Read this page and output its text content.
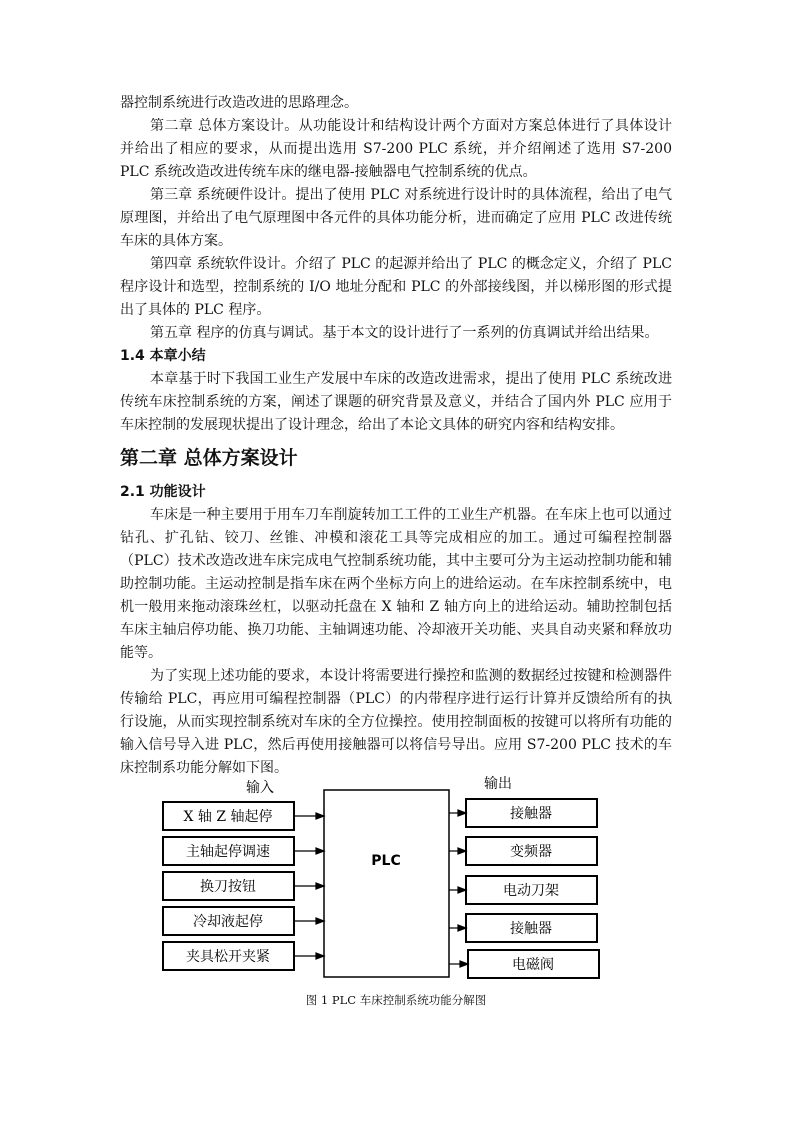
器控制系统进行改造改进的思路理念。

第二章 总体方案设计。从功能设计和结构设计两个方面对方案总体进行了具体设计并给出了相应的要求，从而提出选用 S7-200 PLC 系统，并介绍阐述了选用 S7-200 PLC 系统改造改进传统车床的继电器-接触器电气控制系统的优点。

第三章 系统硬件设计。提出了使用 PLC 对系统进行设计时的具体流程，给出了电气原理图，并给出了电气原理图中各元件的具体功能分析，进而确定了应用 PLC 改进传统车床的具体方案。

第四章 系统软件设计。介绍了 PLC 的起源并给出了 PLC 的概念定义，介绍了 PLC 程序设计和选型，控制系统的 I/O 地址分配和 PLC 的外部接线图，并以梯形图的形式提出了具体的 PLC 程序。

第五章 程序的仿真与调试。基于本文的设计进行了一系列的仿真调试并给出结果。

1.4 本章小结

本章基于时下我国工业生产发展中车床的改造改进需求，提出了使用 PLC 系统改进传统车床控制系统的方案，阐述了课题的研究背景及意义，并结合了国内外 PLC 应用于车床控制的发展现状提出了设计理念，给出了本论文具体的研究内容和结构安排。

第二章 总体方案设计
2.1 功能设计

车床是一种主要用于用车刀车削旋转加工工件的工业生产机器。在车床上也可以通过钻孔、扩孔钻、铰刀、丝锥、冲模和滚花工具等完成相应的加工。通过可编程控制器（PLC）技术改造改进车床完成电气控制系统功能，其中主要可分为主运动控制功能和辅助控制功能。主运动控制是指车床在两个坐标方向上的进给运动。在车床控制系统中，电机一般用来拖动滚珠丝杠，以驱动托盘在 X 轴和 Z 轴方向上的进给运动。辅助控制包括车床主轴启停功能、换刀功能、主轴调速功能、冷却液开关功能、夹具自动夹紧和释放功能等。

为了实现上述功能的要求，本设计将需要进行操控和监测的数据经过按键和检测器件传输给 PLC，再应用可编程控制器（PLC）的内带程序进行运行计算并反馈给所有的执行设施，从而实现控制系统对车床的全方位操控。使用控制面板的按键可以将所有功能的输入信号导入进 PLC，然后再使用接触器可以将信号导出。应用 S7-200 PLC 技术的车床控制系功能分解如下图。

输入	输出
PLC
X 轴 Z 轴起停
主轴起停调速
换刀按钮
冷却液起停
夹具松开夹紧
接触器
变频器
电动刀架
接触器
电磁阀
图 1 PLC 车床控制系统功能分解图
